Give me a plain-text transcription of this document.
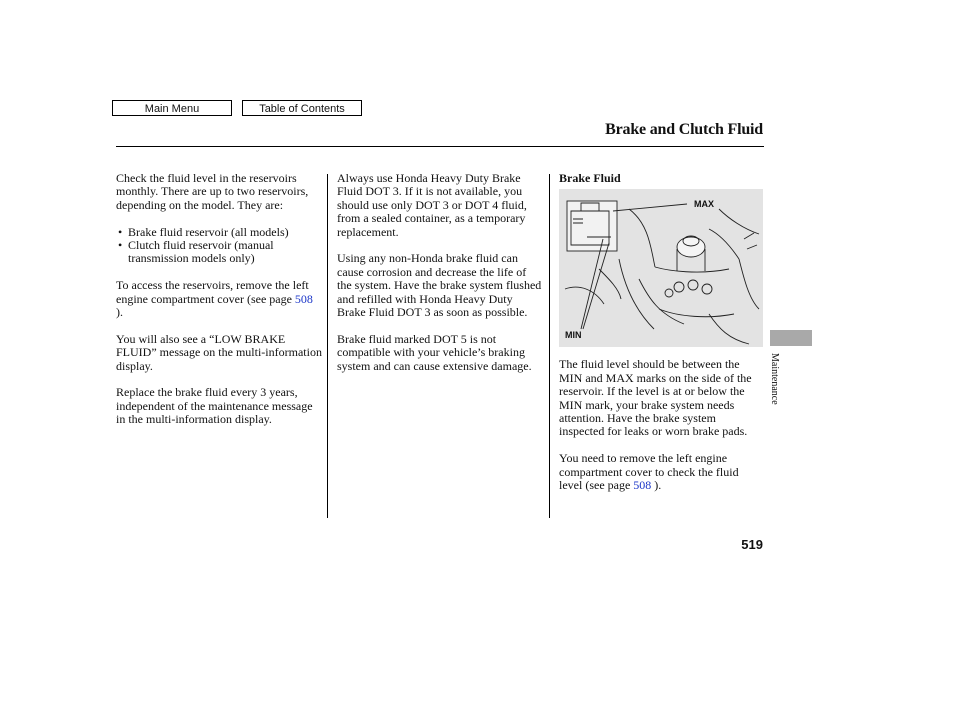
Main Menu	Table of Contents
Brake and Clutch Fluid

Check the fluid level in the reservoirs monthly. There are up to two reservoirs, depending on the model. They are:

• Brake fluid reservoir (all models)
• Clutch fluid reservoir (manual transmission models only)

To access the reservoirs, remove the left engine compartment cover (see page 508 ).

You will also see a “LOW BRAKE FLUID” message on the multi-information display.

Replace the brake fluid every 3 years, independent of the maintenance message in the multi-information display.

Always use Honda Heavy Duty Brake Fluid DOT 3. If it is not available, you should use only DOT 3 or DOT 4 fluid, from a sealed container, as a temporary replacement.

Using any non-Honda brake fluid can cause corrosion and decrease the life of the system. Have the brake system flushed and refilled with Honda Heavy Duty Brake Fluid DOT 3 as soon as possible.

Brake fluid marked DOT 5 is not compatible with your vehicle’s braking system and can cause extensive damage.

Brake Fluid
MAX
MIN

The fluid level should be between the MIN and MAX marks on the side of the reservoir. If the level is at or below the MIN mark, your brake system needs attention. Have the brake system inspected for leaks or worn brake pads.

You need to remove the left engine compartment cover to check the fluid level (see page 508 ).

Maintenance
519
